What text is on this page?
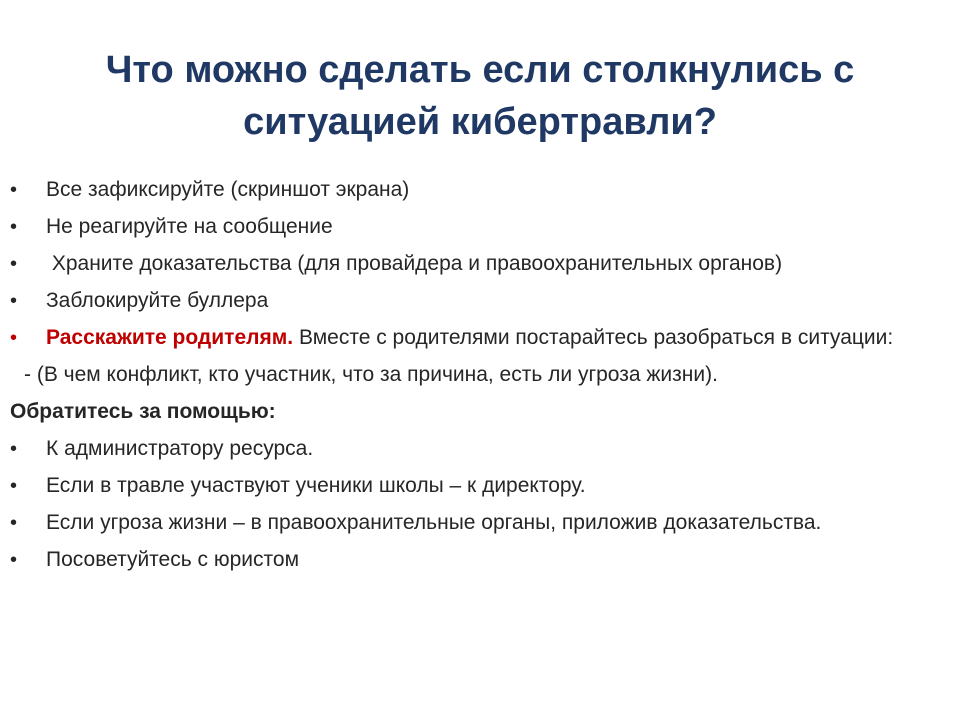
Что можно сделать если столкнулись с
ситуацией кибертравли?
•	Все зафиксируйте (скриншот экрана)
•	Не реагируйте на сообщение
•	Храните доказательства (для провайдера и правоохранительных органов)
•	Заблокируйте буллера
•	Расскажите родителям. Вместе с родителями постарайтесь разобраться в ситуации:
- (В чем конфликт, кто участник, что за причина, есть ли угроза жизни).
Обратитесь за помощью:
•	К администратору ресурса.
•	Если в травле участвуют ученики школы – к директору.
•	Если угроза жизни – в правоохранительные органы, приложив доказательства.
•	Посоветуйтесь с юристом
